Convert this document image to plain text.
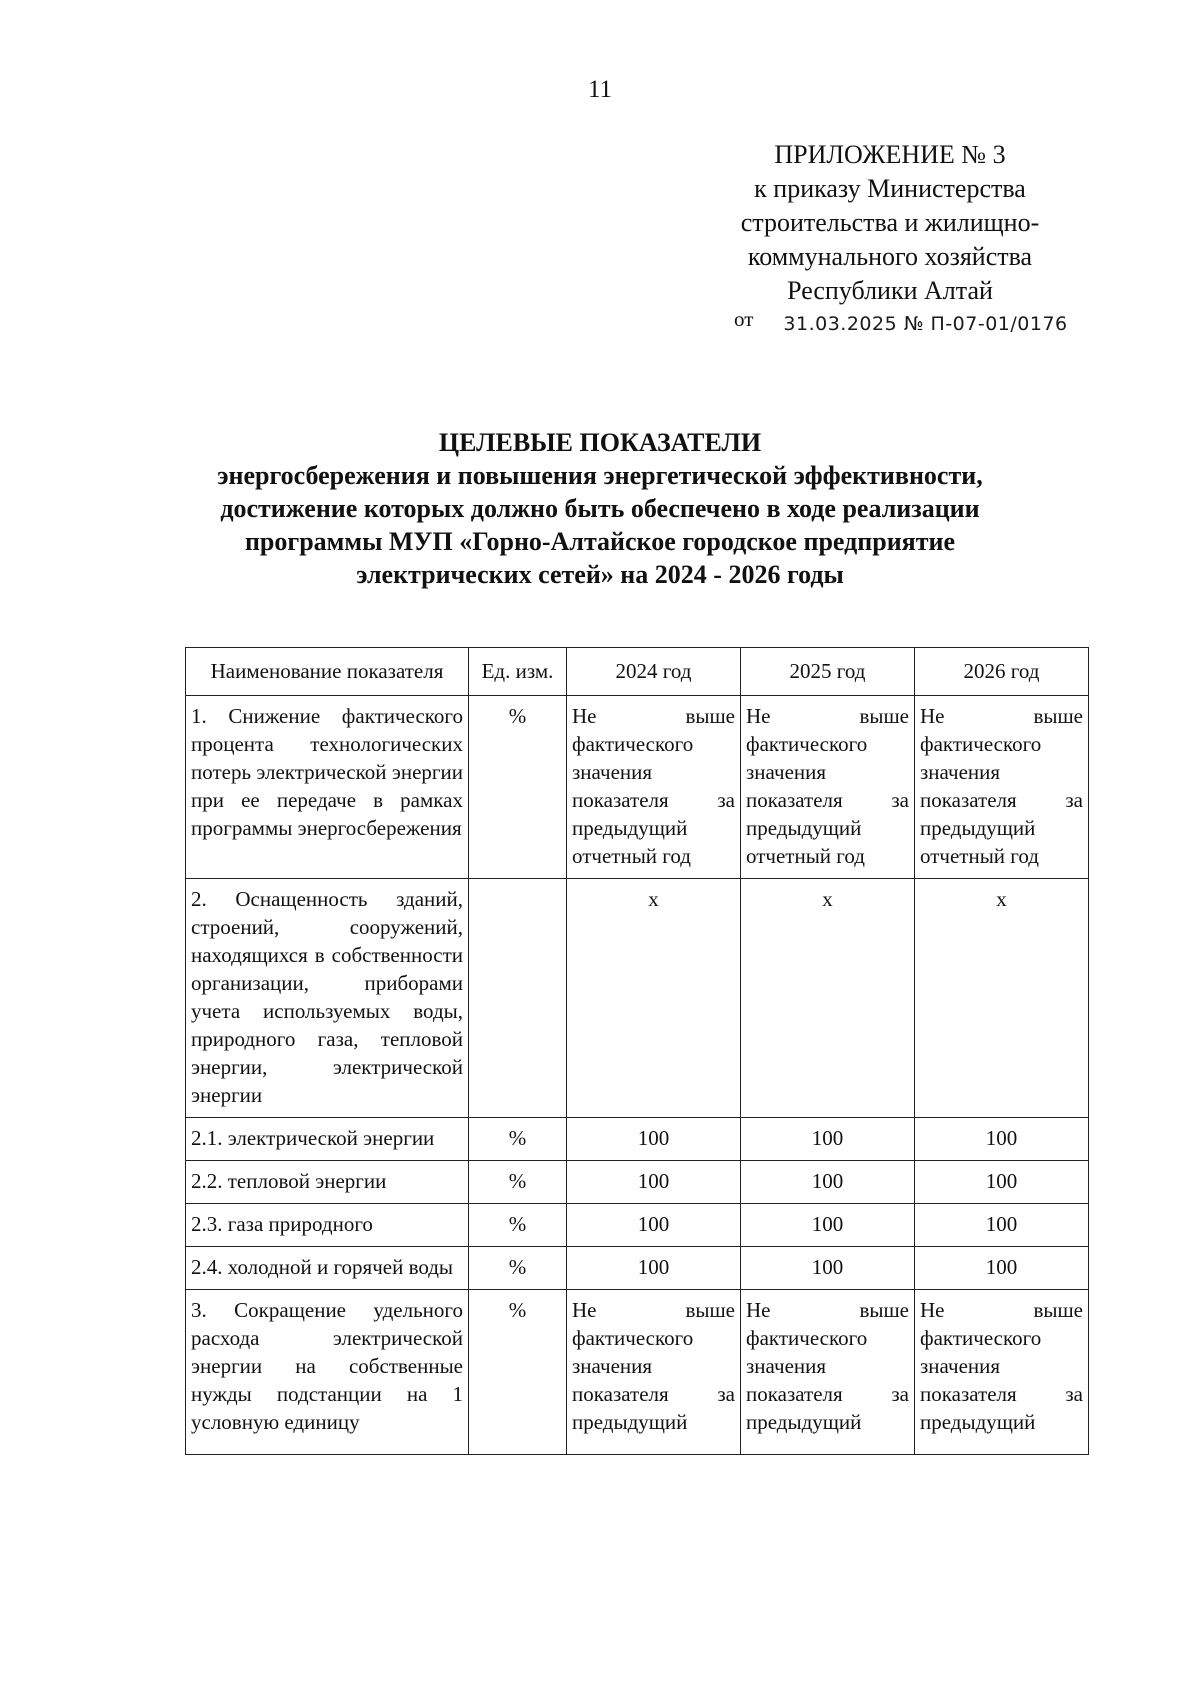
11
ПРИЛОЖЕНИЕ № 3
к приказу Министерства
строительства и жилищно-
коммунального хозяйства
Республики Алтай
от 31.03.2025 № П-07-01/0176
ЦЕЛЕВЫЕ ПОКАЗАТЕЛИ
энергосбережения и повышения энергетической эффективности,
достижение которых должно быть обеспечено в ходе реализации
программы МУП «Горно-Алтайское городское предприятие
электрических сетей» на 2024 - 2026 годы
Наименование показателя	Ед. изм.	2024 год	2025 год	2026 год
1. Снижение фактического процента технологических потерь электрической энергии при ее передаче в рамках программы энергосбережения	%	Не выше фактического значения показателя за предыдущий отчетный год	Не выше фактического значения показателя за предыдущий отчетный год	Не выше фактического значения показателя за предыдущий отчетный год
2. Оснащенность зданий, строений, сооружений, находящихся в собственности организации, приборами учета используемых воды, природного газа, тепловой энергии, электрической энергии		х	х	х
2.1. электрической энергии	%	100	100	100
2.2. тепловой энергии	%	100	100	100
2.3. газа природного	%	100	100	100
2.4. холодной и горячей воды	%	100	100	100

3. Сокращение удельного расхода электрической энергии на собственные нужды подстанции на 1 условную единицу	%	Не выше фактического значения показателя за предыдущий	Не выше фактического значения показателя за предыдущий	Не выше фактического значения показателя за предыдущий
